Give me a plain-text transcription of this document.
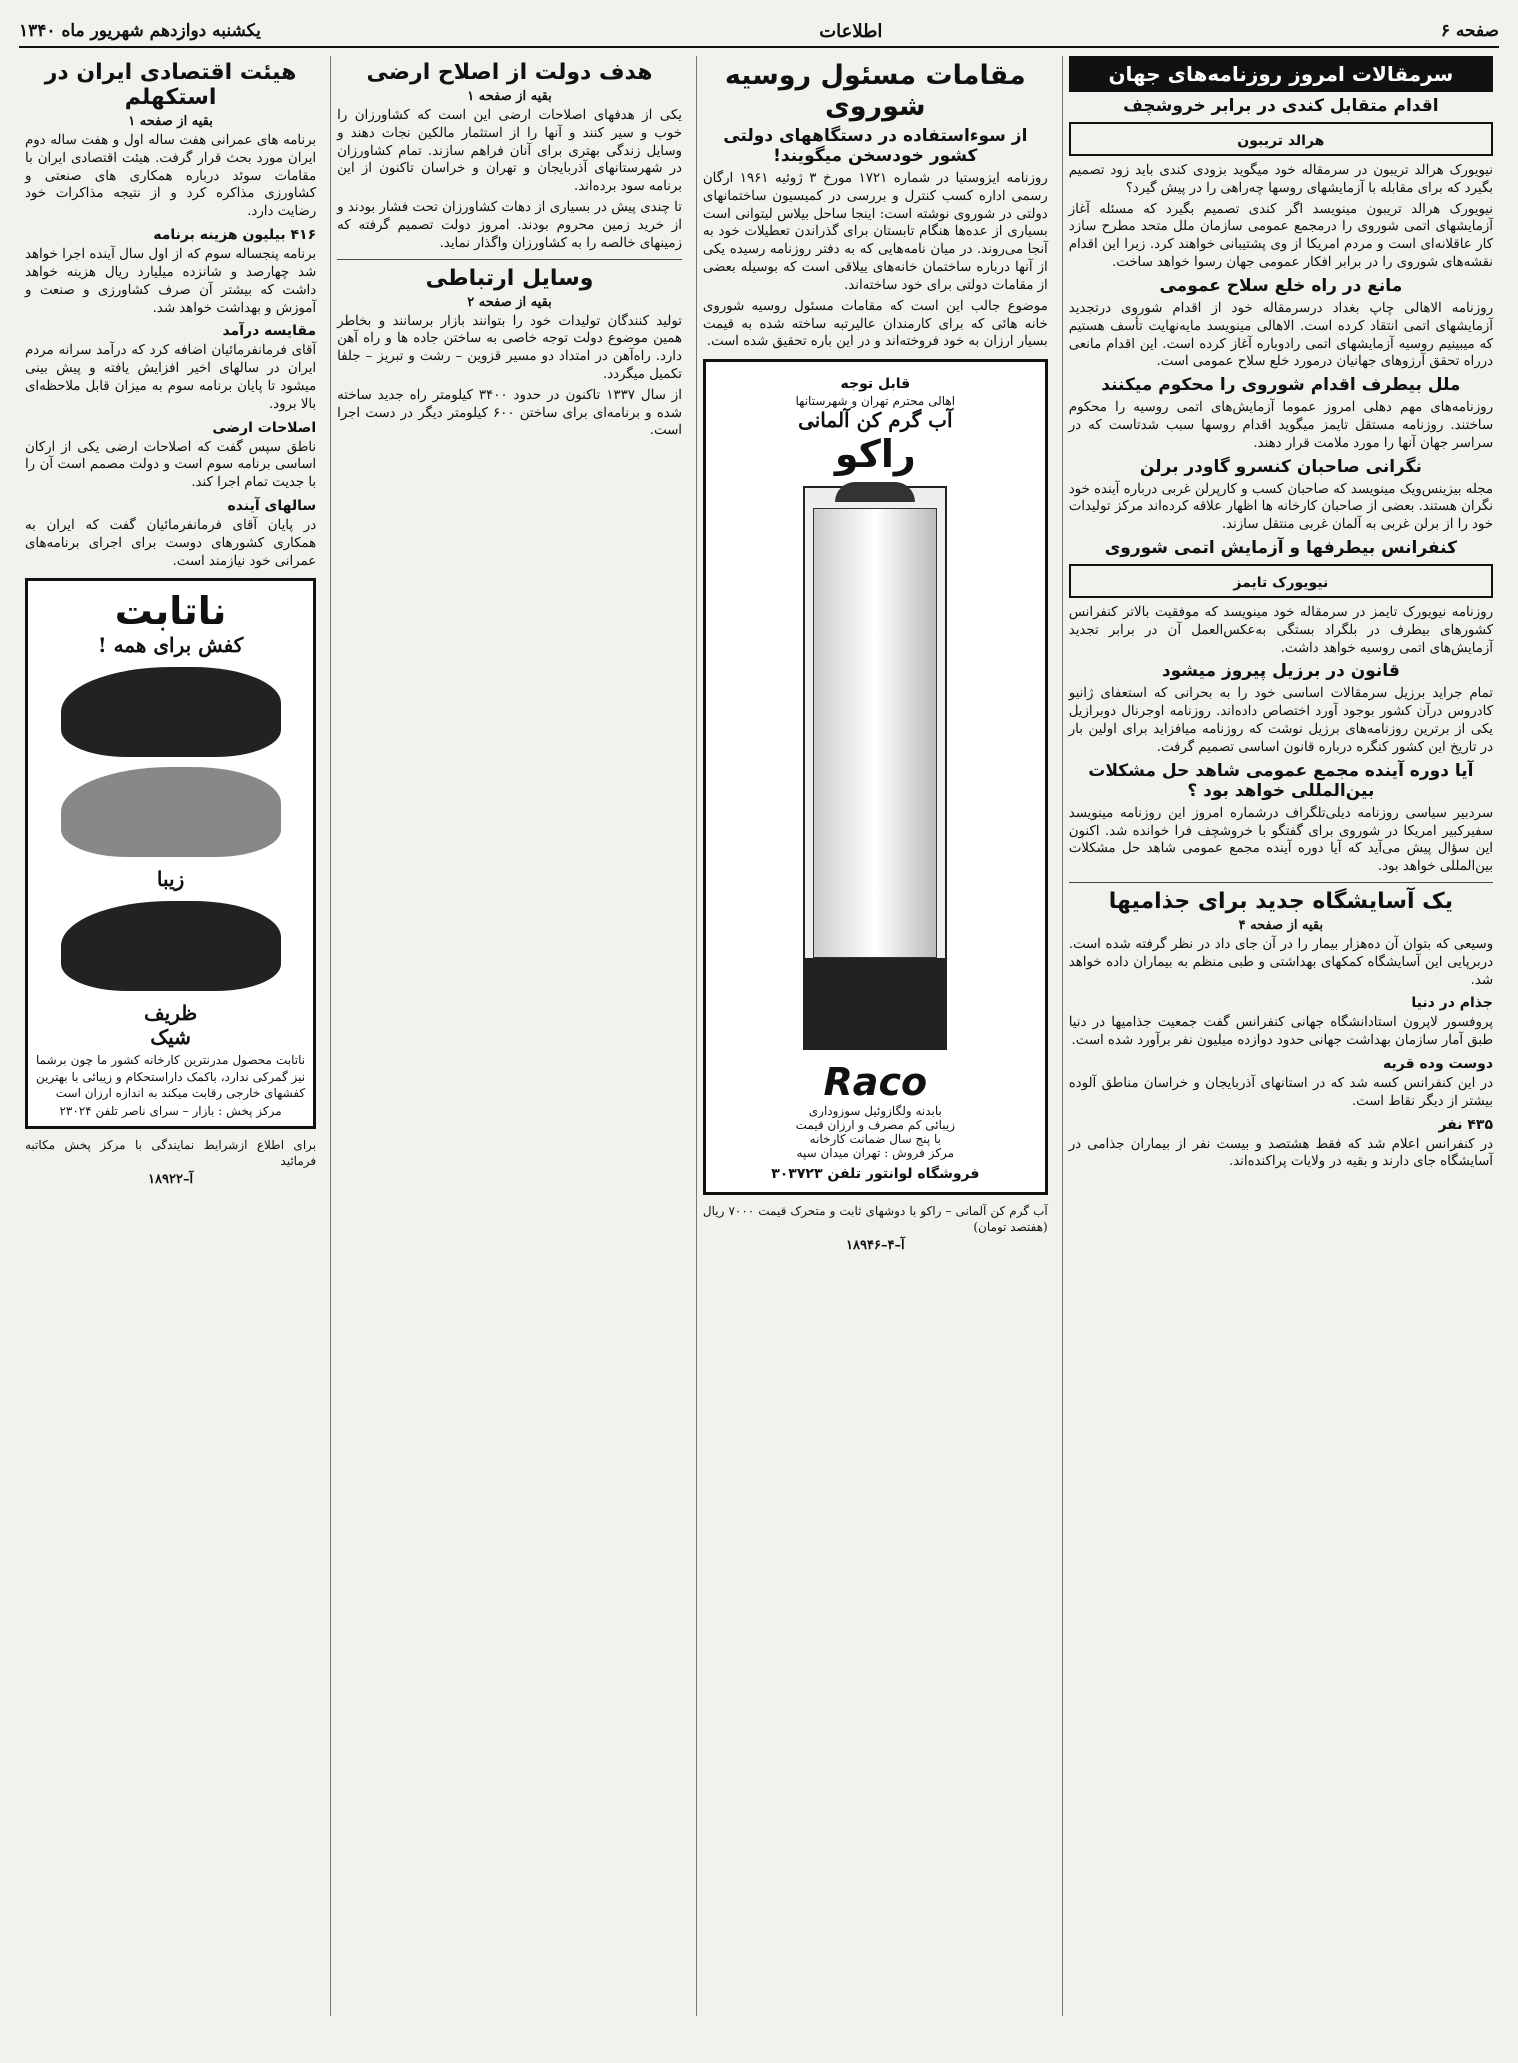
صفحه ۶
اطلاعات
یکشنبه دوازدهم شهریور ماه ۱۳۴۰
سرمقالات امروز روزنامه‌های جهان
اقدام متقابل کندی در برابر خروشچف
هرالد تریبون

نیویورک هرالد تریبون در سرمقاله خود میگوید بزودی کندی باید زود تصمیم بگیرد که برای مقابله با آزمایشهای روسها چه‌راهی را در پیش گیرد؟

نیویورک هرالد تریبون مینویسد اگر کندی تصمیم بگیرد که مسئله آغاز آزمایشهای اتمی شوروی را درمجمع عمومی سازمان ملل متحد مطرح سازد کار عاقلانه‌ای است و مردم امریکا از وی پشتیبانی خواهند کرد. زیرا این اقدام نقشه‌های شوروی را در برابر افکار عمومی جهان رسوا خواهد ساخت.

مانع در راه خلع سلاح عمومی

روزنامه الاهالی چاپ بغداد درسرمقاله خود از اقدام شوروی درتجدید آزمایشهای اتمی انتقاد کرده است. الاهالی مینویسد مایه‌نهایت تأسف هستیم که میبینیم روسیه آزمایشهای اتمی رادوباره آغاز کرده است. این اقدام مانعی درراه تحقق آرزوهای جهانیان درمورد خلع سلاح عمومی است.

ملل بیطرف اقدام شوروی را محکوم میکنند

روزنامه‌های مهم دهلی امروز عموما آزمایش‌های اتمی روسیه را محکوم ساختند. روزنامه مستقل تایمز میگوید اقدام روسها سبب شدتاست که در سراسر جهان آنها را مورد ملامت قرار دهند.

نگرانی صاحبان کنسرو گاودر برلن

مجله بیزینس‌ویک مینویسد که صاحبان کسب و کارپرلن غربی درباره آینده خود نگران هستند. بعضی از صاحبان کارخانه ها اظهار علاقه کرده‌اند مرکز تولیدات خود را از برلن غربی به آلمان غربی منتقل سازند.

کنفرانس بیطرفها و آزمایش اتمی شوروی
نیویورک تایمز

روزنامه نیویورک تایمز در سرمقاله خود مینویسد که موفقیت بالاتر کنفرانس کشورهای بیطرف در بلگراد بستگی به‌عکس‌العمل آن در برابر تجدید آزمایش‌های اتمی روسیه خواهد داشت.

قانون در برزیل پیروز میشود

تمام جراید برزیل سرمقالات اساسی خود را به بحرانی که استعفای ژانیو کادروس درآن کشور بوجود آورد اختصاص داده‌اند. روزنامه اوجرنال دوبرازیل یکی از برترین روزنامه‌های برزیل نوشت که روزنامه میافزاید برای اولین بار در تاریخ این کشور کنگره درباره قانون اساسی تصمیم گرفت.

آیا دوره آینده مجمع عمومی شاهد حل مشکلات بین‌المللی خواهد بود ؟

سردبیر سیاسی روزنامه دیلی‌تلگراف درشماره امروز این روزنامه مینویسد سفیرکبیر امریکا در شوروی برای گفتگو با خروشچف فرا خوانده شد. اکنون این سؤال پیش می‌آید که آیا دوره آینده مجمع عمومی شاهد حل مشکلات بین‌المللی خواهد بود.

یک آسایشگاه جدید برای جذامیها
بقیه از صفحه ۴

وسیعی که بتوان آن ده‌هزار بیمار را در آن جای داد در نظر گرفته شده است. دربرپایی این آسایشگاه کمکهای بهداشتی و طبی منظم به بیماران داده خواهد شد.

جذام در دنیا

پروفسور لاپرون استادانشگاه جهانی کنفرانس گفت جمعیت جذامیها در دنیا طبق آمار سازمان بهداشت جهانی حدود دوازده میلیون نفر برآورد شده است.

دوست وده قریه

در این کنفرانس کسه شد که در استانهای آذربایجان و خراسان مناطق آلوده بیشتر از دیگر نقاط است.

۴۳۵ نفر

در کنفرانس اعلام شد که فقط هشتصد و بیست نفر از بیماران جذامی در آسایشگاه جای دارند و بقیه در ولایات پراکنده‌اند.

مقامات مسئول روسیه شوروی
از سوءاستفاده در دستگاههای دولتی کشور خودسخن میگویند!

روزنامه ایزوستیا در شماره ۱۷۲۱ مورخ ۳ ژوئیه ۱۹۶۱ ارگان رسمی اداره کسب کنترل و بررسی در کمیسیون ساختمانهای دولتی در شوروی نوشته است: اینجا ساحل بیلاس لیتوانی است بسیاری از عده‌ها هنگام تابستان برای گذراندن تعطیلات خود به آنجا می‌روند. در میان نامه‌هایی که به دفتر روزنامه رسیده یکی از آنها درباره ساختمان خانه‌های ییلاقی است که بوسیله بعضی از مقامات دولتی برای خود ساخته‌اند.

موضوع جالب این است که مقامات مسئول روسیه شوروی خانه هائی که برای کارمندان عالیرتبه ساخته شده به قیمت بسیار ارزان به خود فروخته‌اند و در این باره تحقیق شده است.

قابل توجه
اهالی محترم تهران و شهرستانها
آب گرم کن آلمانی
راکو
Raco
بابدنه ولگازوئیل سوزوداری
زیبائی کم مصرف و ارزان قیمت
با پنج سال ضمانت کارخانه
مرکز فروش : تهران میدان سپه
فروشگاه لوانتور تلفن ۳۰۳۷۲۳

آب گرم کن آلمانی – راکو با دوشهای ثابت و متحرک قیمت ۷۰۰۰ ریال (هفتصد تومان)

آ–۴–۱۸۹۴۶
هدف دولت از اصلاح ارضی
بقیه از صفحه ۱

یکی از هدفهای اصلاحات ارضی این است که کشاورزان را خوب و سیر کنند و آنها را از استثمار مالکین نجات دهند و وسایل زندگی بهتری برای آنان فراهم سازند. تمام کشاورزان در شهرستانهای آذربایجان و تهران و خراسان تاکنون از این برنامه سود برده‌اند.

تا چندی پیش در بسیاری از دهات کشاورزان تحت فشار بودند و از خرید زمین محروم بودند. امروز دولت تصمیم گرفته که زمینهای خالصه را به کشاورزان واگذار نماید.

وسایل ارتباطی
بقیه از صفحه ۲

تولید کنندگان تولیدات خود را بتوانند بازار برسانند و بخاطر همین موضوع دولت توجه خاصی به ساختن جاده ها و راه آهن دارد. راه‌آهن در امتداد دو مسیر قزوین – رشت و تبریز – جلفا تکمیل میگردد.

از سال ۱۳۳۷ تاکنون در حدود ۳۴۰۰ کیلومتر راه جدید ساخته شده و برنامه‌ای برای ساختن ۶۰۰ کیلومتر دیگر در دست اجرا است.

هیئت اقتصادی ایران در استکهلم
بقیه از صفحه ۱

برنامه های عمرانی هفت ساله اول و هفت ساله دوم ایران مورد بحث قرار گرفت. هیئت اقتصادی ایران با مقامات سوئد درباره همکاری های صنعتی و کشاورزی مذاکره کرد و از نتیجه مذاکرات خود رضایت دارد.

۴۱۶ بیلیون هزینه برنامه

برنامه پنجساله سوم که از اول سال آینده اجرا خواهد شد چهارصد و شانزده میلیارد ریال هزینه خواهد داشت که بیشتر آن صرف کشاورزی و صنعت و آموزش و بهداشت خواهد شد.

مقایسه درآمد

آقای فرمانفرمائیان اضافه کرد که درآمد سرانه مردم ایران در سالهای اخیر افزایش یافته و پیش بینی میشود تا پایان برنامه سوم به میزان قابل ملاحظه‌ای بالا برود.

اصلاحات ارضی

ناطق سپس گفت که اصلاحات ارضی یکی از ارکان اساسی برنامه سوم است و دولت مصمم است آن را با جدیت تمام اجرا کند.

سالهای آینده

در پایان آقای فرمانفرمائیان گفت که ایران به همکاری کشورهای دوست برای اجرای برنامه‌های عمرانی خود نیازمند است.

ناتابت
کفش برای همه !
زیبا
ظریف
شیک

ناتابت محصول مدرنترین کارخانه کشور ما چون برشما نیز گمرکی ندارد، باکمک داراستحکام و زیبائی با بهترین کفشهای خارجی رقابت میکند به اندازه ارزان است

مرکز پخش : بازار – سرای ناصر تلفن ۲۳۰۲۴

برای اطلاع ازشرایط نمایندگی با مرکز پخش مکاتبه فرمائید

آ–۱۸۹۲۲
